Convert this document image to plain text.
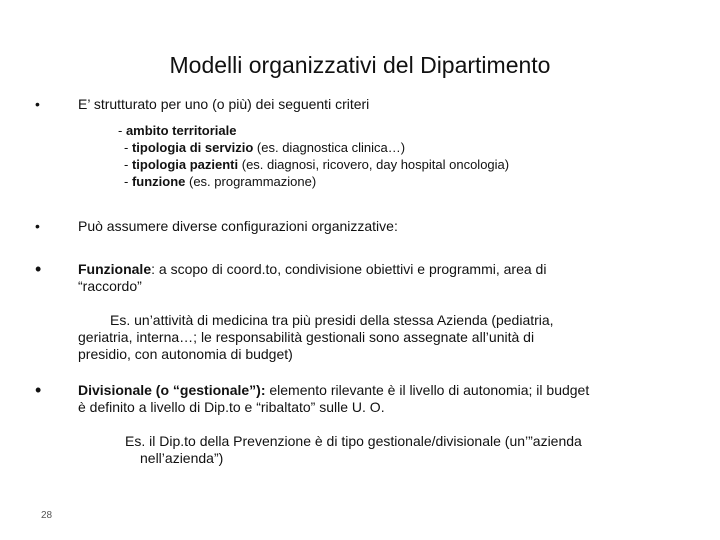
Modelli organizzativi del Dipartimento
•	E’ strutturato per uno (o più) dei seguenti criteri
- ambito territoriale
- tipologia di servizio (es. diagnostica clinica…)
- tipologia pazienti (es. diagnosi, ricovero, day hospital oncologia)
- funzione (es. programmazione)
•	Può assumere diverse configurazioni organizzative:
•	Funzionale: a scopo di coord.to, condivisione obiettivi e programmi, area di
“raccordo”
Es. un’attività di medicina tra più presidi della stessa Azienda (pediatria,
geriatria, interna…; le responsabilità gestionali sono assegnate all’unità di
presidio, con autonomia di budget)
•	Divisionale (o “gestionale”): elemento rilevante è il livello di autonomia; il budget
è definito a livello di Dip.to e “ribaltato” sulle U. O.
Es. il Dip.to della Prevenzione è di tipo gestionale/divisionale (un’”azienda
nell’azienda”)
28
